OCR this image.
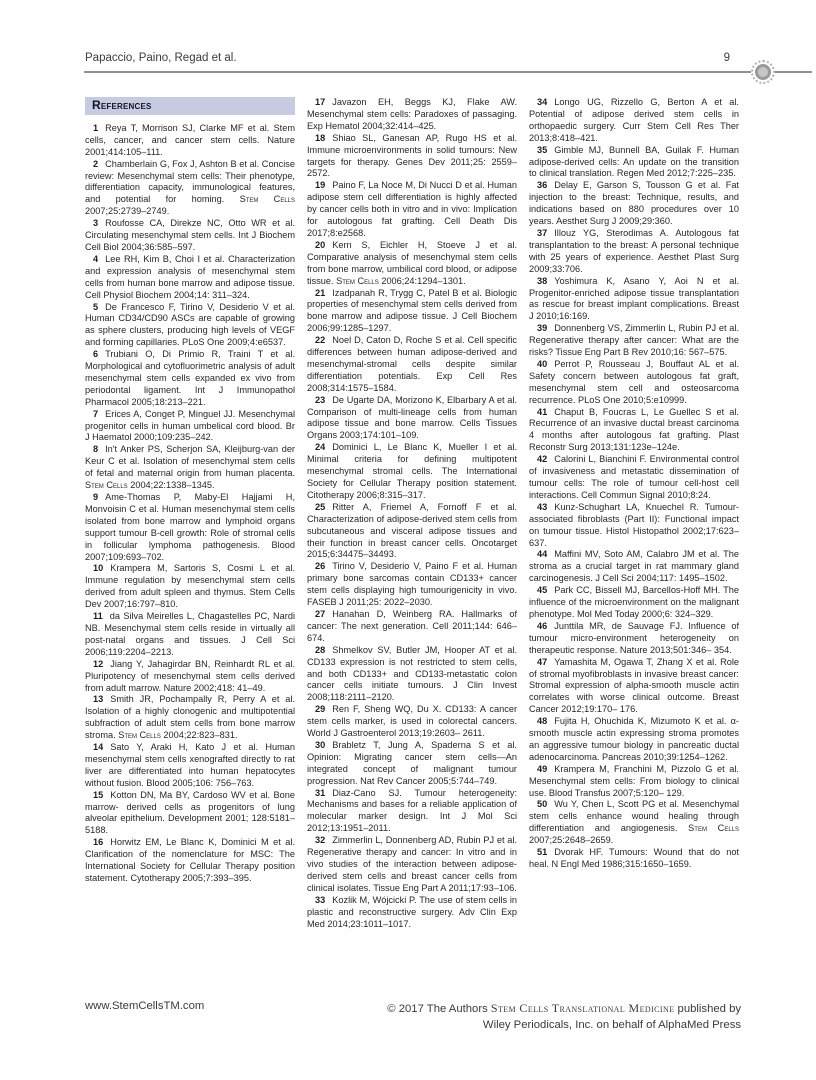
Papaccio, Paino, Regad et al.	9
References

1 Reya T, Morrison SJ, Clarke MF et al. Stem cells, cancer, and cancer stem cells. Nature 2001;414:105–111.

2 Chamberlain G, Fox J, Ashton B et al. Concise review: Mesenchymal stem cells: Their phenotype, differentiation capacity, immunological features, and potential for homing. Stem Cells 2007;25:2739–2749.

3 Roufosse CA, Direkze NC, Otto WR et al. Circulating mesenchymal stem cells. Int J Biochem Cell Biol 2004;36:585–597.

4 Lee RH, Kim B, Choi I et al. Characterization and expression analysis of mesenchymal stem cells from human bone marrow and adipose tissue. Cell Physiol Biochem 2004;14: 311–324.

5 De Francesco F, Tirino V, Desiderio V et al. Human CD34/CD90 ASCs are capable of growing as sphere clusters, producing high levels of VEGF and forming capillaries. PLoS One 2009;4:e6537.

6 Trubiani O, Di Primio R, Traini T et al. Morphological and cytofluorimetric analysis of adult mesenchymal stem cells expanded ex vivo from periodontal ligament. Int J Immunopathol Pharmacol 2005;18:213–221.

7 Erices A, Conget P, Minguel JJ. Mesenchymal progenitor cells in human umbelical cord blood. Br J Haematol 2000;109:235–242.

8 In't Anker PS, Scherjon SA, Kleijburg-van der Keur C et al. Isolation of mesenchymal stem cells of fetal and maternal origin from human placenta. Stem Cells 2004;22:1338–1345.

9 Ame-Thomas P, Maby-El Hajjami H, Monvoisin C et al. Human mesenchymal stem cells isolated from bone marrow and lymphoid organs support tumour B-cell growth: Role of stromal cells in follicular lymphoma pathogenesis. Blood 2007;109:693–702.

10 Krampera M, Sartoris S, Cosmi L et al. Immune regulation by mesenchymal stem cells derived from adult spleen and thymus. Stem Cells Dev 2007;16:797–810.

11 da Silva Meirelles L, Chagastelles PC, Nardi NB. Mesenchymal stem cells reside in virtually all post-natal organs and tissues. J Cell Sci 2006;119:2204–2213.

12 Jiang Y, Jahagirdar BN, Reinhardt RL et al. Pluripotency of mesenchymal stem cells derived from adult marrow. Nature 2002;418: 41–49.

13 Smith JR, Pochampally R, Perry A et al. Isolation of a highly clonogenic and multipotential subfraction of adult stem cells from bone marrow stroma. Stem Cells 2004;22:823–831.

14 Sato Y, Araki H, Kato J et al. Human mesenchymal stem cells xenografted directly to rat liver are differentiated into human hepatocytes without fusion. Blood 2005;106: 756–763.

15 Kotton DN, Ma BY, Cardoso WV et al. Bone marrow- derived cells as progenitors of lung alveolar epithelium. Development 2001; 128:5181–5188.

16 Horwitz EM, Le Blanc K, Dominici M et al. Clarification of the nomenclature for MSC: The International Society for Cellular Therapy position statement. Cytotherapy 2005;7:393–395.

17 Javazon EH, Beggs KJ, Flake AW. Mesenchymal stem cells: Paradoxes of passaging. Exp Hematol 2004;32:414–425.

18 Shiao SL, Ganesan AP, Rugo HS et al. Immune microenvironments in solid tumours: New targets for therapy. Genes Dev 2011;25: 2559–2572.

19 Paino F, La Noce M, Di Nucci D et al. Human adipose stem cell differentiation is highly affected by cancer cells both in vitro and in vivo: Implication for autologous fat grafting. Cell Death Dis 2017;8:e2568.

20 Kern S, Eichler H, Stoeve J et al. Comparative analysis of mesenchymal stem cells from bone marrow, umbilical cord blood, or adipose tissue. Stem Cells 2006;24:1294–1301.

21 Izadpanah R, Trygg C, Patel B et al. Biologic properties of mesenchymal stem cells derived from bone marrow and adipose tissue. J Cell Biochem 2006;99:1285–1297.

22 Noel D, Caton D, Roche S et al. Cell specific differences between human adipose-derived and mesenchymal-stromal cells despite similar differentiation potentials. Exp Cell Res 2008;314:1575–1584.

23 De Ugarte DA, Morizono K, Elbarbary A et al. Comparison of multi-lineage cells from human adipose tissue and bone marrow. Cells Tissues Organs 2003;174:101–109.

24 Dominici L, Le Blanc K, Mueller I et al. Minimal criteria for defining multipotent mesenchymal stromal cells. The International Society for Cellular Therapy position statement. Citotherapy 2006;8:315–317.

25 Ritter A, Friemel A, Fornoff F et al. Characterization of adipose-derived stem cells from subcutaneous and visceral adipose tissues and their function in breast cancer cells. Oncotarget 2015;6:34475–34493.

26 Tirino V, Desiderio V, Paino F et al. Human primary bone sarcomas contain CD133+ cancer stem cells displaying high tumourigenicity in vivo. FASEB J 2011;25: 2022–2030.

27 Hanahan D, Weinberg RA. Hallmarks of cancer: The next generation. Cell 2011;144: 646–674.

28 Shmelkov SV, Butler JM, Hooper AT et al. CD133 expression is not restricted to stem cells, and both CD133+ and CD133-metastatic colon cancer cells initiate tumours. J Clin Invest 2008;118:2111–2120.

29 Ren F, Sheng WQ, Du X. CD133: A cancer stem cells marker, is used in colorectal cancers. World J Gastroenterol 2013;19:2603– 2611.

30 Brabletz T, Jung A, Spaderna S et al. Opinion: Migrating cancer stem cells—An integrated concept of malignant tumour progression. Nat Rev Cancer 2005;5:744–749.

31 Diaz-Cano SJ. Tumour heterogeneity: Mechanisms and bases for a reliable application of molecular marker design. Int J Mol Sci 2012;13:1951–2011.

32 Zimmerlin L, Donnenberg AD, Rubin PJ et al. Regenerative therapy and cancer: In vitro and in vivo studies of the interaction between adipose-derived stem cells and breast cancer cells from clinical isolates. Tissue Eng Part A 2011;17:93–106.

33 Kozlik M, Wójcicki P. The use of stem cells in plastic and reconstructive surgery. Adv Clin Exp Med 2014;23:1011–1017.

34 Longo UG, Rizzello G, Berton A et al. Potential of adipose derived stem cells in orthopaedic surgery. Curr Stem Cell Res Ther 2013;8:418–421.

35 Gimble MJ, Bunnell BA, Guilak F. Human adipose-derived cells: An update on the transition to clinical translation. Regen Med 2012;7:225–235.

36 Delay E, Garson S, Tousson G et al. Fat injection to the breast: Technique, results, and indications based on 880 procedures over 10 years. Aesthet Surg J 2009;29:360.

37 Illouz YG, Sterodimas A. Autologous fat transplantation to the breast: A personal technique with 25 years of experience. Aesthet Plast Surg 2009;33:706.

38 Yoshimura K, Asano Y, Aoi N et al. Progenitor-enriched adipose tissue transplantation as rescue for breast implant complications. Breast J 2010;16:169.

39 Donnenberg VS, Zimmerlin L, Rubin PJ et al. Regenerative therapy after cancer: What are the risks? Tissue Eng Part B Rev 2010;16: 567–575.

40 Perrot P, Rousseau J, Bouffaut AL et al. Safety concern between autologous fat graft, mesenchymal stem cell and osteosarcoma recurrence. PLoS One 2010;5:e10999.

41 Chaput B, Foucras L, Le Guellec S et al. Recurrence of an invasive ductal breast carcinoma 4 months after autologous fat grafting. Plast Reconstr Surg 2013;131:123e–124e.

42 Calorini L, Bianchini F. Environmental control of invasiveness and metastatic dissemination of tumour cells: The role of tumour cell-host cell interactions. Cell Commun Signal 2010;8:24.

43 Kunz-Schughart LA, Knuechel R. Tumour-associated fibroblasts (Part II): Functional impact on tumour tissue. Histol Histopathol 2002;17:623–637.

44 Maffini MV, Soto AM, Calabro JM et al. The stroma as a crucial target in rat mammary gland carcinogenesis. J Cell Sci 2004;117: 1495–1502.

45 Park CC, Bissell MJ, Barcellos-Hoff MH. The influence of the microenvironment on the malignant phenotype. Mol Med Today 2000;6: 324–329.

46 Junttila MR, de Sauvage FJ. Influence of tumour micro-environment heterogeneity on therapeutic response. Nature 2013;501:346– 354.

47 Yamashita M, Ogawa T, Zhang X et al. Role of stromal myofibroblasts in invasive breast cancer: Stromal expression of alpha-smooth muscle actin correlates with worse clinical outcome. Breast Cancer 2012;19:170– 176.

48 Fujita H, Ohuchida K, Mizumoto K et al. α-smooth muscle actin expressing stroma promotes an aggressive tumour biology in pancreatic ductal adenocarcinoma. Pancreas 2010;39:1254–1262.

49 Krampera M, Franchini M, Pizzolo G et al. Mesenchymal stem cells: From biology to clinical use. Blood Transfus 2007;5:120– 129.

50 Wu Y, Chen L, Scott PG et al. Mesenchymal stem cells enhance wound healing through differentiation and angiogenesis. Stem Cells 2007;25:2648–2659.

51 Dvorak HF. Tumours: Wound that do not heal. N Engl Med 1986;315:1650–1659.

www.StemCellsTM.com	© 2017 The Authors Stem Cells Translational Medicine published by
Wiley Periodicals, Inc. on behalf of AlphaMed Press
